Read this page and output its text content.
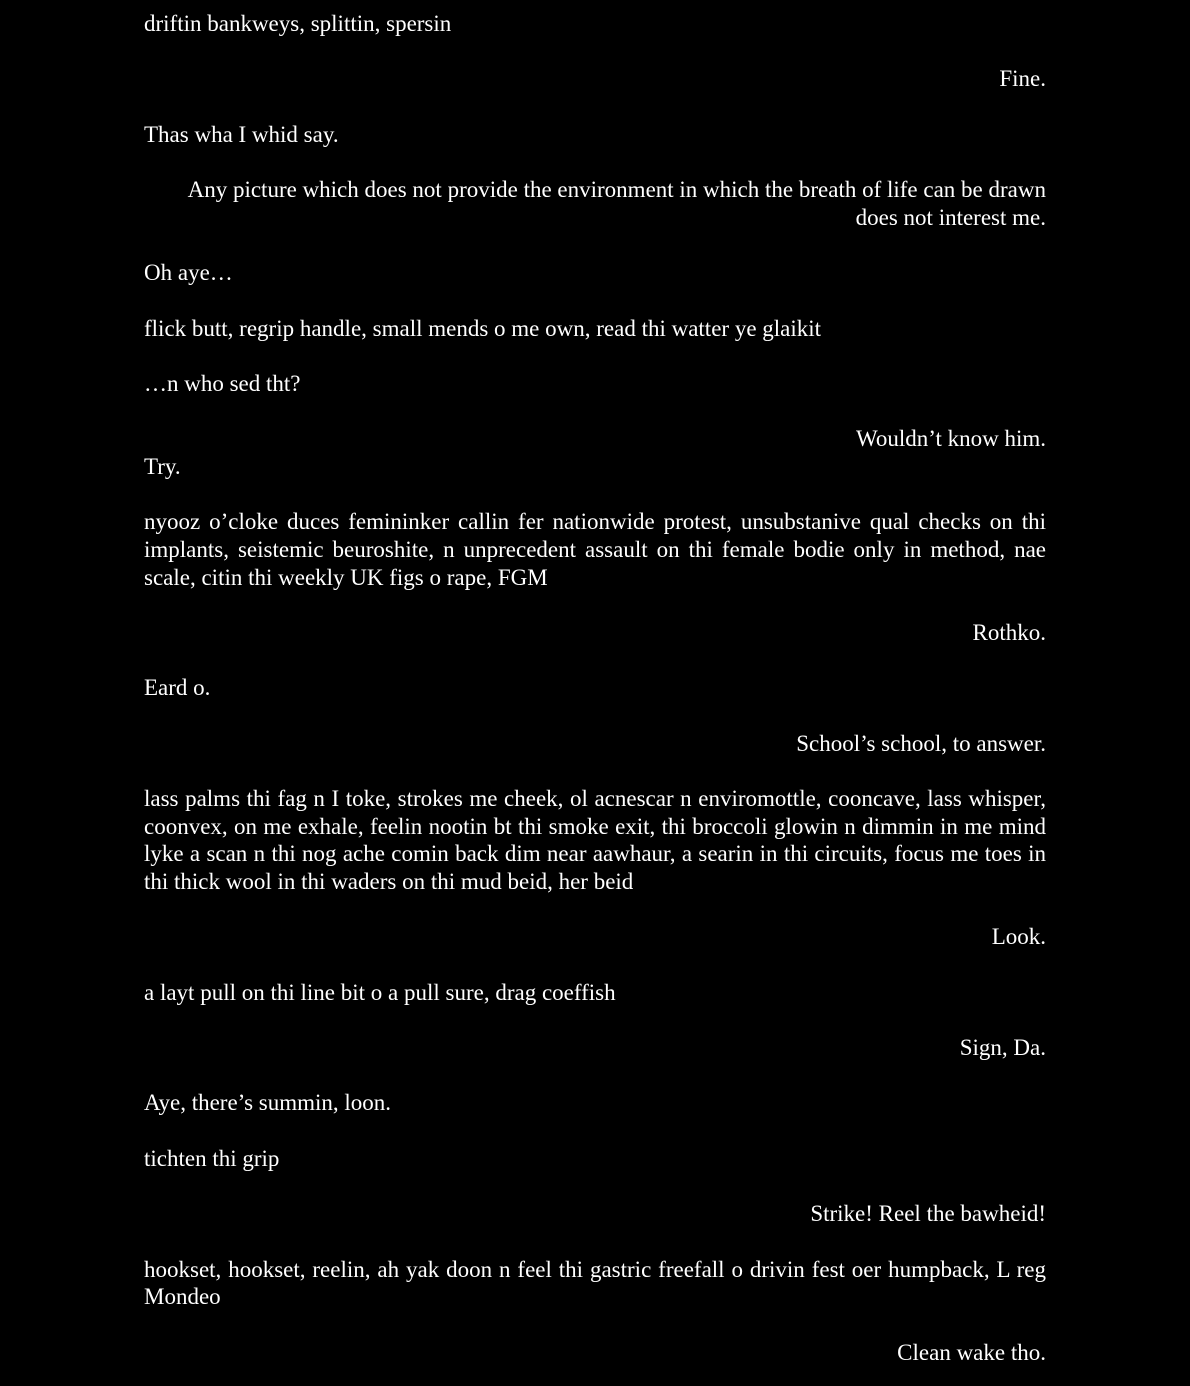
driftin bankweys, splittin, spersin

Fine.

Thas wha I whid say.

Any picture which does not provide the environment in which the breath of life can be drawn does not interest me.

Oh aye…

flick butt, regrip handle, small mends o me own, read thi watter ye glaikit

…n who sed tht?

Wouldn’t know him.

Try.

nyooz o’cloke duces femininker callin fer nationwide protest, unsubstanive qual checks on thi implants, seistemic beuroshite, n unprecedent assault on thi female bodie only in method, nae scale, citin thi weekly UK figs o rape, FGM

Rothko.

Eard o.

School’s school, to answer.

lass palms thi fag n I toke, strokes me cheek, ol acnescar n enviromottle, cooncave, lass whisper, coonvex, on me exhale, feelin nootin bt thi smoke exit, thi broccoli glowin n dimmin in me mind lyke a scan n thi nog ache comin back dim near aawhaur, a searin in thi circuits, focus me toes in thi thick wool in thi waders on thi mud beid, her beid

Look.

a layt pull on thi line bit o a pull sure, drag coeffish

Sign, Da.

Aye, there’s summin, loon.

tichten thi grip

Strike! Reel the bawheid!

hookset, hookset, reelin, ah yak doon n feel thi gastric freefall o drivin fest oer humpback, L reg Mondeo

Clean wake tho.
